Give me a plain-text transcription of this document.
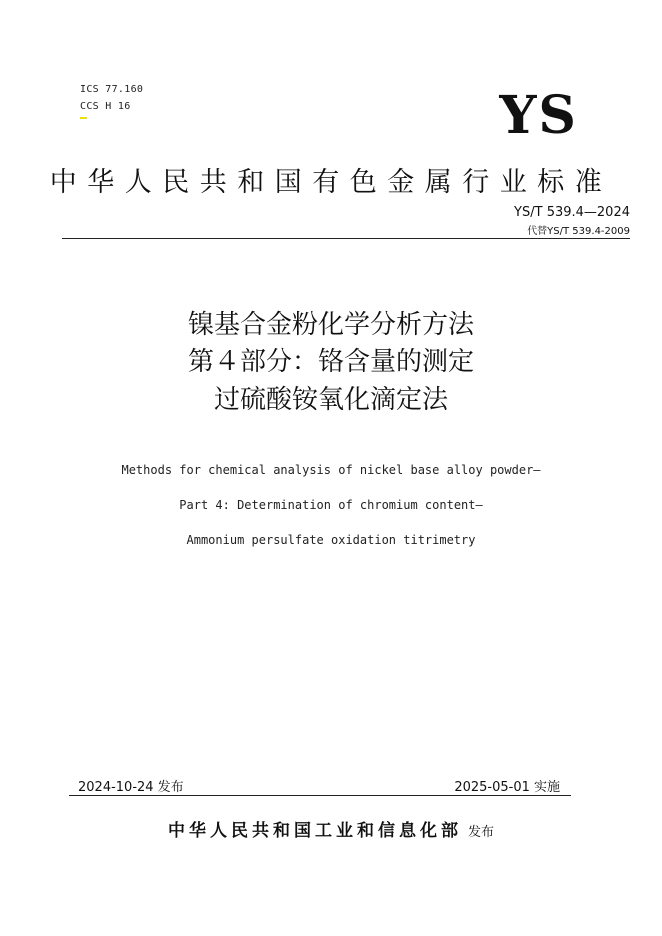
ICS 77.160
CCS H 16	YS
中华人民共和国有色金属行业标准
YS/T 539.4—2024
代替YS/T 539.4-2009
镍基合金粉化学分析方法
第４部分：铬含量的测定
过硫酸铵氧化滴定法
Methods for chemical analysis of nickel base alloy powder—
Part 4: Determination of chromium content—
Ammonium persulfate oxidation titrimetry
2024-10-24 发布	2025-05-01 实施
中华人民共和国工业和信息化部 发布
